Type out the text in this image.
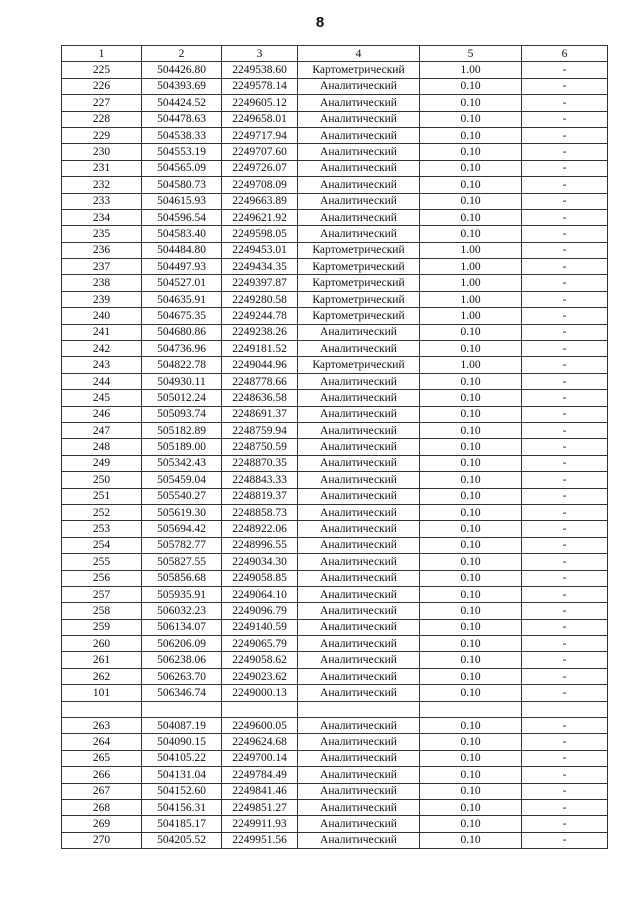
8
1	2	3	4	5	6
225	504426.80	2249538.60	Картометрический	1.00	-
226	504393.69	2249578.14	Аналитический	0.10	-
227	504424.52	2249605.12	Аналитический	0.10	-
228	504478.63	2249658.01	Аналитический	0.10	-
229	504538.33	2249717.94	Аналитический	0.10	-
230	504553.19	2249707.60	Аналитический	0.10	-
231	504565.09	2249726.07	Аналитический	0.10	-
232	504580.73	2249708.09	Аналитический	0.10	-
233	504615.93	2249663.89	Аналитический	0.10	-
234	504596.54	2249621.92	Аналитический	0.10	-
235	504583.40	2249598.05	Аналитический	0.10	-
236	504484.80	2249453.01	Картометрический	1.00	-
237	504497.93	2249434.35	Картометрический	1.00	-
238	504527.01	2249397.87	Картометрический	1.00	-
239	504635.91	2249280.58	Картометрический	1.00	-
240	504675.35	2249244.78	Картометрический	1.00	-
241	504680.86	2249238.26	Аналитический	0.10	-
242	504736.96	2249181.52	Аналитический	0.10	-
243	504822.78	2249044.96	Картометрический	1.00	-
244	504930.11	2248778.66	Аналитический	0.10	-
245	505012.24	2248636.58	Аналитический	0.10	-
246	505093.74	2248691.37	Аналитический	0.10	-
247	505182.89	2248759.94	Аналитический	0.10	-
248	505189.00	2248750.59	Аналитический	0.10	-
249	505342.43	2248870.35	Аналитический	0.10	-
250	505459.04	2248843.33	Аналитический	0.10	-
251	505540.27	2248819.37	Аналитический	0.10	-
252	505619.30	2248858.73	Аналитический	0.10	-
253	505694.42	2248922.06	Аналитический	0.10	-
254	505782.77	2248996.55	Аналитический	0.10	-
255	505827.55	2249034.30	Аналитический	0.10	-
256	505856.68	2249058.85	Аналитический	0.10	-
257	505935.91	2249064.10	Аналитический	0.10	-
258	506032.23	2249096.79	Аналитический	0.10	-
259	506134.07	2249140.59	Аналитический	0.10	-
260	506206.09	2249065.79	Аналитический	0.10	-
261	506238.06	2249058.62	Аналитический	0.10	-
262	506263.70	2249023.62	Аналитический	0.10	-
101	506346.74	2249000.13	Аналитический	0.10	-

263	504087.19	2249600.05	Аналитический	0.10	-
264	504090.15	2249624.68	Аналитический	0.10	-
265	504105.22	2249700.14	Аналитический	0.10	-
266	504131.04	2249784.49	Аналитический	0.10	-
267	504152.60	2249841.46	Аналитический	0.10	-
268	504156.31	2249851.27	Аналитический	0.10	-
269	504185.17	2249911.93	Аналитический	0.10	-
270	504205.52	2249951.56	Аналитический	0.10	-
